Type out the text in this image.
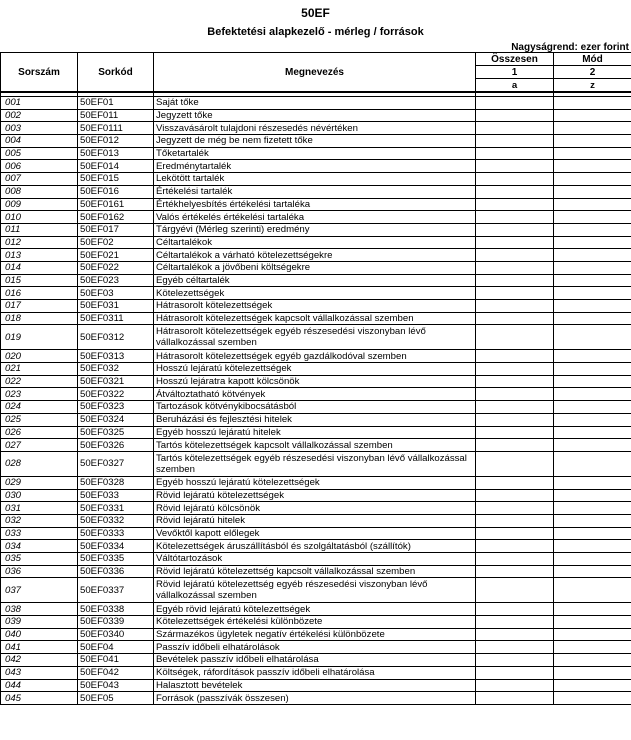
50EF
Befektetési alapkezelő - mérleg / források
Nagyságrend: ezer forint
Sorszám	Sorkód	Megnevezés	Összesen	Mód
			1	2
			a	z

001	50EF01	Saját tőke		
002	50EF011	Jegyzett tőke		
003	50EF0111	Visszavásárolt tulajdoni részesedés névértéken		
004	50EF012	Jegyzett de még be nem fizetett tőke		
005	50EF013	Tőketartalék		
006	50EF014	Eredménytartalék		
007	50EF015	Lekötött tartalék		
008	50EF016	Értékelési tartalék		
009	50EF0161	Értékhelyesbítés értékelési tartaléka		
010	50EF0162	Valós értékelés értékelési tartaléka		
011	50EF017	Tárgyévi (Mérleg szerinti) eredmény		
012	50EF02	Céltartalékok		
013	50EF021	Céltartalékok a várható kötelezettségekre		
014	50EF022	Céltartalékok a jövőbeni költségekre		
015	50EF023	Egyéb céltartalék		
016	50EF03	Kötelezettségek		
017	50EF031	Hátrasorolt kötelezettségek		
018	50EF0311	Hátrasorolt kötelezettségek kapcsolt vállalkozással szemben		
019	50EF0312	Hátrasorolt kötelezettségek egyéb részesedési viszonyban lévő vállalkozással szemben		
020	50EF0313	Hátrasorolt kötelezettségek egyéb gazdálkodóval szemben		
021	50EF032	Hosszú lejáratú kötelezettségek		
022	50EF0321	Hosszú lejáratra kapott kölcsönök		
023	50EF0322	Átváltoztatható kötvények		
024	50EF0323	Tartozások kötvénykibocsátásból		
025	50EF0324	Beruházási és fejlesztési hitelek		
026	50EF0325	Egyéb hosszú lejáratú hitelek		
027	50EF0326	Tartós kötelezettségek kapcsolt vállalkozással szemben		
028	50EF0327	Tartós kötelezettségek egyéb részesedési viszonyban lévő vállalkozással szemben		
029	50EF0328	Egyéb hosszú lejáratú kötelezettségek		
030	50EF033	Rövid lejáratú kötelezettségek		
031	50EF0331	Rövid lejáratú kölcsönök		
032	50EF0332	Rövid lejáratú hitelek		
033	50EF0333	Vevőktől kapott előlegek		
034	50EF0334	Kötelezettségek áruszállításból és szolgáltatásból (szállítók)		
035	50EF0335	Váltótartozások		
036	50EF0336	Rövid lejáratú kötelezettség kapcsolt vállalkozással szemben		
037	50EF0337	Rövid lejáratú kötelezettség egyéb részesedési viszonyban lévő vállalkozással szemben		
038	50EF0338	Egyéb rövid lejáratú kötelezettségek		
039	50EF0339	Kötelezettségek értékelési különbözete		
040	50EF0340	Származékos ügyletek negatív értékelési különbözete		
041	50EF04	Passzív időbeli elhatárolások		
042	50EF041	Bevételek passzív időbeli elhatárolása		
043	50EF042	Költségek, ráfordítások passzív időbeli elhatárolása		
044	50EF043	Halasztott bevételek		
045	50EF05	Források (passzívák összesen)		
